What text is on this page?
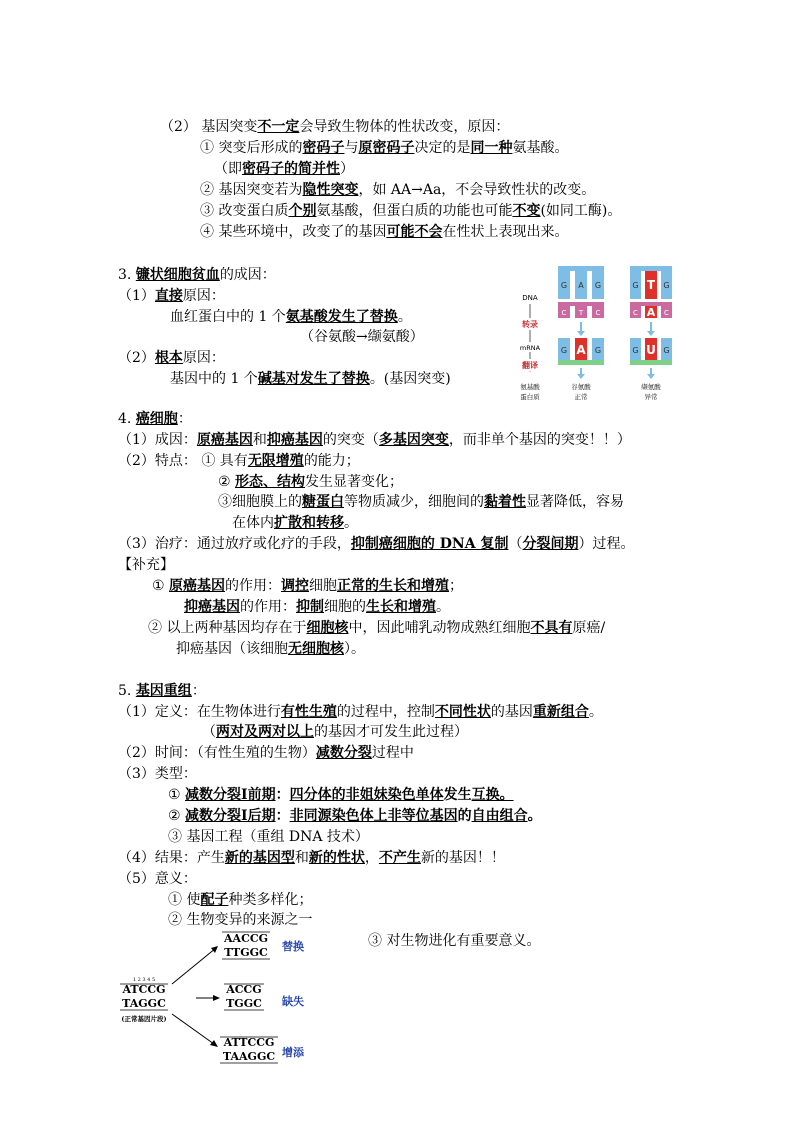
（2） 基因突变不一定会导致生物体的性状改变，原因：
① 突变后形成的密码子与原密码子决定的是同一种氨基酸。
（即密码子的简并性）
② 基因突变若为隐性突变，如 AA→Aa，不会导致性状的改变。
③ 改变蛋白质个别氨基酸，但蛋白质的功能也可能不变(如同工酶)。
④ 某些环境中，改变了的基因可能不会在性状上表现出来。
3. 镰状细胞贫血的成因：
（1）直接原因：
血红蛋白中的 1 个氨基酸发生了替换。
（谷氨酸→缬氨酸）
（2）根本原因：
基因中的 1 个碱基对发生了替换。(基因突变)
DNA
转录
mRNA
翻译
G A G
C T C
G A G
G T G
C A C
G U G
氨基酸
蛋白质
谷氨酸
正常
缬氨酸
异常
4. 癌细胞：
（1）成因：原癌基因和抑癌基因的突变（多基因突变，而非单个基因的突变！！）
（2）特点： ① 具有无限增殖的能力；
② 形态、结构发生显著变化；
③细胞膜上的糖蛋白等物质减少，细胞间的黏着性显著降低，容易
在体内扩散和转移。
（3）治疗：通过放疗或化疗的手段，抑制癌细胞的 DNA 复制（分裂间期）过程。
【补充】
① 原癌基因的作用：调控细胞正常的生长和增殖；
抑癌基因的作用：抑制细胞的生长和增殖。
② 以上两种基因均存在于细胞核中，因此哺乳动物成熟红细胞不具有原癌/
抑癌基因（该细胞无细胞核）。
5. 基因重组：
（1）定义：在生物体进行有性生殖的过程中，控制不同性状的基因重新组合。
（两对及两对以上的基因才可发生此过程）
（2）时间：（有性生殖的生物）减数分裂过程中
（3）类型：
① 减数分裂Ⅰ前期：四分体的非姐妹染色单体发生互换。
② 减数分裂Ⅰ后期：非同源染色体上非等位基因的自由组合。
③ 基因工程（重组 DNA 技术）
（4）结果：产生新的基因型和新的性状，不产生新的基因！！
（5）意义：
① 使配子种类多样化；
② 生物变异的来源之一
③ 对生物进化有重要意义。
1 2 3 4 5
ATCCG
TAGGC
(正常基因片段)
AACCG
TTGGC 替换
ACCG
TGGC 缺失
ATTCCG
TAAGGC 增添
